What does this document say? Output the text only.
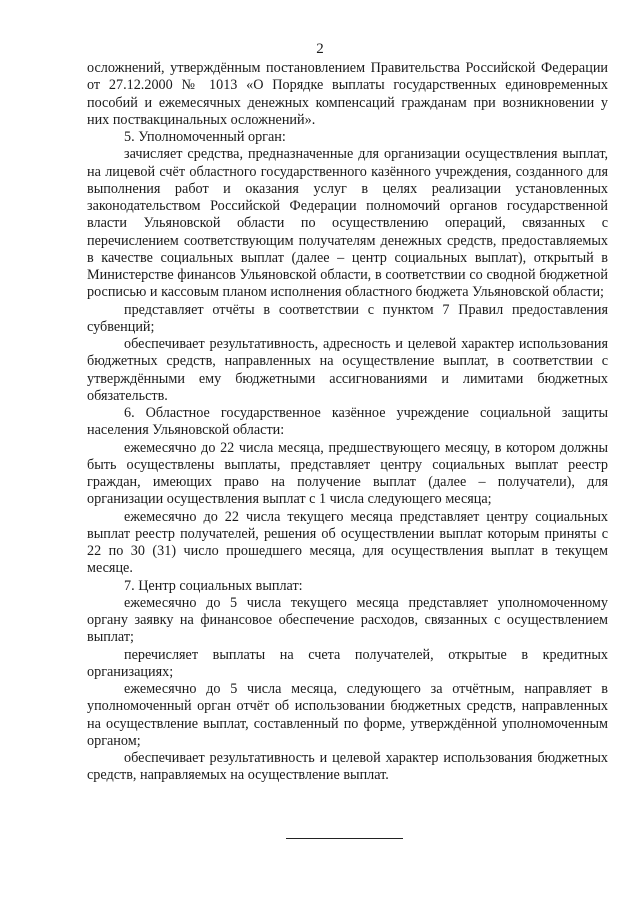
2

осложнений, утверждённым постановлением Правительства Российской Федерации от 27.12.2000 № 1013 «О Порядке выплаты государственных единовременных пособий и ежемесячных денежных компенсаций гражданам при возникновении у них поствакцинальных осложнений».

5. Уполномоченный орган:

зачисляет средства, предназначенные для организации осуществления выплат, на лицевой счёт областного государственного казённого учреждения, созданного для выполнения работ и оказания услуг в целях реализации установленных законодательством Российской Федерации полномочий органов государственной власти Ульяновской области по осуществлению операций, связанных с перечислением соответствующим получателям денежных средств, предоставляемых в качестве социальных выплат (далее – центр социальных выплат), открытый в Министерстве финансов Ульяновской области, в соответствии со сводной бюджетной росписью и кассовым планом исполнения областного бюджета Ульяновской области;

представляет отчёты в соответствии с пунктом 7 Правил предоставления субвенций;

обеспечивает результативность, адресность и целевой характер использования бюджетных средств, направленных на осуществление выплат, в соответствии с утверждёнными ему бюджетными ассигнованиями и лимитами бюджетных обязательств.

6. Областное государственное казённое учреждение социальной защиты населения Ульяновской области:

ежемесячно до 22 числа месяца, предшествующего месяцу, в котором должны быть осуществлены выплаты, представляет центру социальных выплат реестр граждан, имеющих право на получение выплат (далее – получатели), для организации осуществления выплат с 1 числа следующего месяца;

ежемесячно до 22 числа текущего месяца представляет центру социальных выплат реестр получателей, решения об осуществлении выплат которым приняты с 22 по 30 (31) число прошедшего месяца, для осуществления выплат в текущем месяце.

7. Центр социальных выплат:

ежемесячно до 5 числа текущего месяца представляет уполномоченному органу заявку на финансовое обеспечение расходов, связанных с осуществлением выплат;

перечисляет выплаты на счета получателей, открытые в кредитных организациях;

ежемесячно до 5 числа месяца, следующего за отчётным, направляет в уполномоченный орган отчёт об использовании бюджетных средств, направленных на осуществление выплат, составленный по форме, утверждённой уполномоченным органом;

обеспечивает результативность и целевой характер использования бюджетных средств, направляемых на осуществление выплат.
